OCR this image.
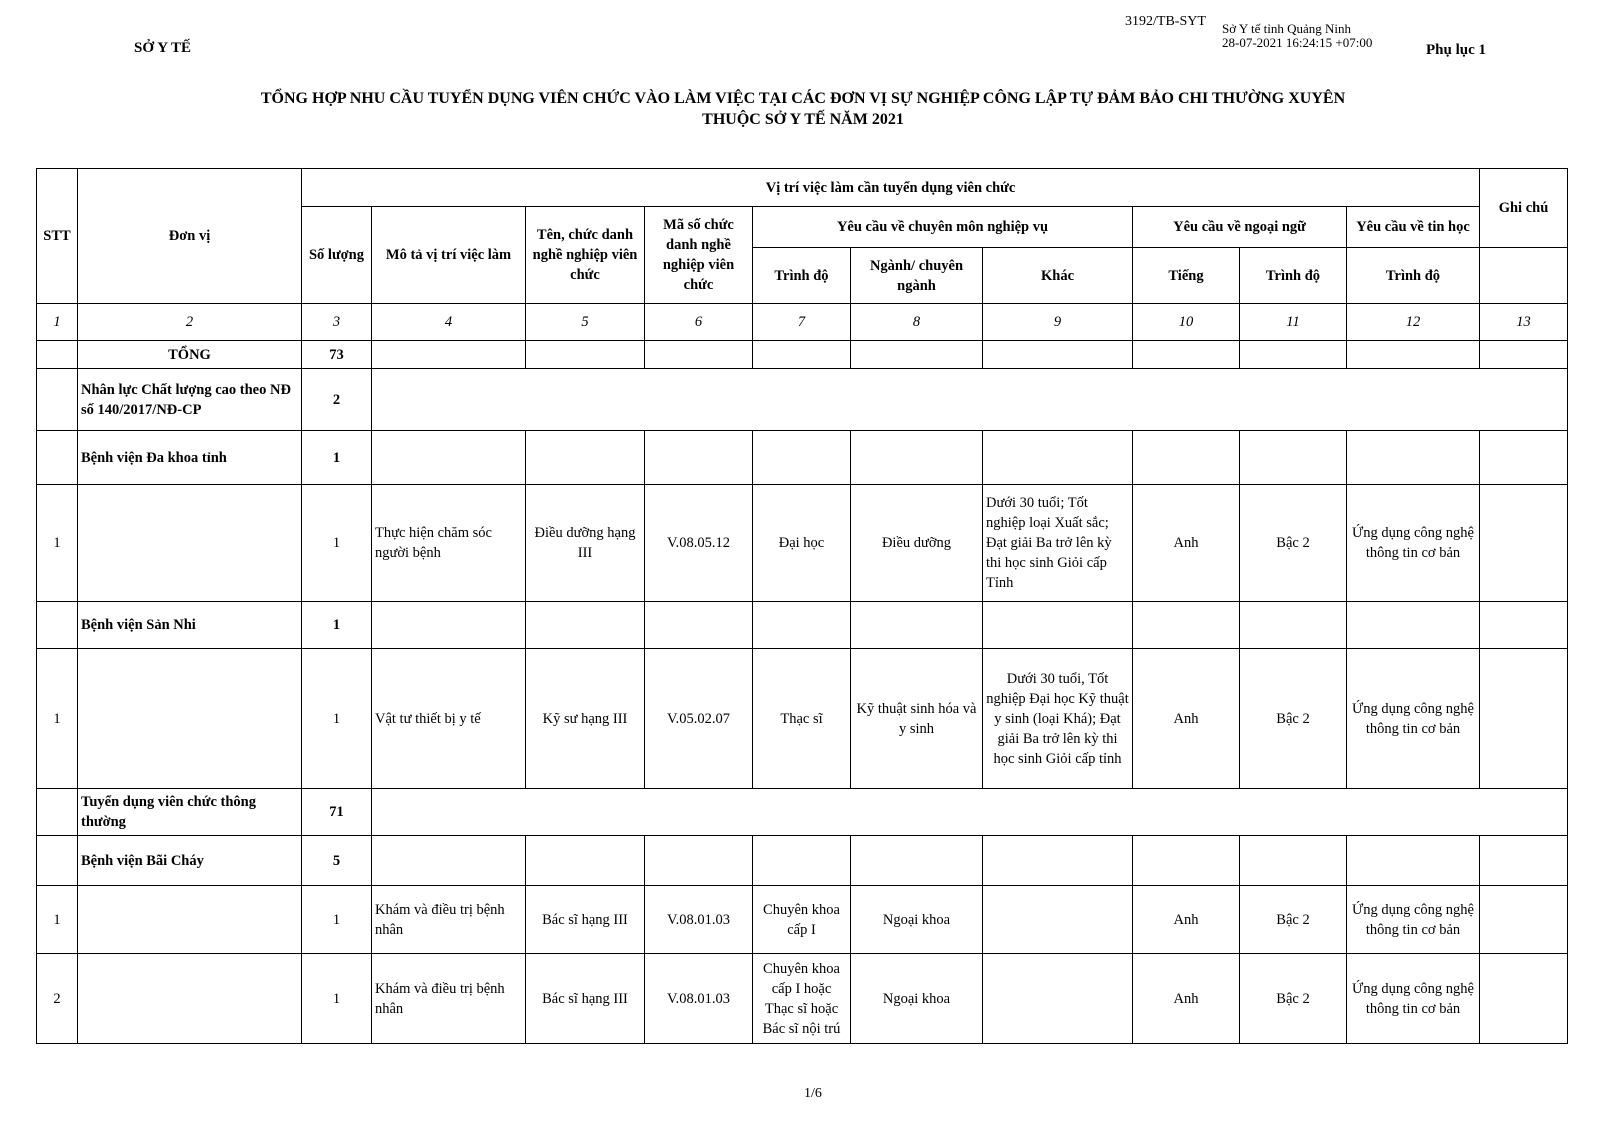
SỞ Y TẾ
3192/TB-SYT Sở Y tế tỉnh Quảng Ninh
28-07-2021 16:24:15 +07:00	Phụ lục 1
TỔNG HỢP NHU CẦU TUYỂN DỤNG VIÊN CHỨC VÀO LÀM VIỆC TẠI CÁC ĐƠN VỊ SỰ NGHIỆP CÔNG LẬP TỰ ĐẢM BẢO CHI THƯỜNG XUYÊN
THUỘC SỞ Y TẾ NĂM 2021
STT	Đơn vị	Vị trí việc làm cần tuyển dụng viên chức										Ghi chú
		Số lượng	Mô tả vị trí việc làm	Tên, chức danh nghề nghiệp viên chức	Mã số chức danh nghề nghiệp viên chức	Yêu cầu về chuyên môn nghiệp vụ			Yêu cầu về ngoại ngữ		Yêu cầu về tin học	
						Trình độ	Ngành/ chuyên ngành	Khác	Tiếng	Trình độ	Trình độ	
1	2	3	4	5	6	7	8	9	10	11	12	13
	TỔNG	73										
	Nhân lực Chất lượng cao theo NĐ số 140/2017/NĐ-CP	2										
	Bệnh viện Đa khoa tỉnh	1										
1		1	Thực hiện chăm sóc người bệnh	Điều dưỡng hạng III	V.08.05.12	Đại học	Điều dưỡng	Dưới 30 tuổi; Tốt nghiệp loại Xuất sắc; Đạt giải Ba trở lên kỳ thi học sinh Giỏi cấp Tỉnh	Anh	Bậc 2	Ứng dụng công nghệ thông tin cơ bản	
	Bệnh viện Sản Nhi	1										
1		1	Vật tư thiết bị y tế	Kỹ sư hạng III	V.05.02.07	Thạc sĩ	Kỹ thuật sinh hóa và y sinh	Dưới 30 tuổi, Tốt nghiệp Đại học Kỹ thuật y sinh (loại Khá); Đạt giải Ba trở lên kỳ thi học sinh Giỏi cấp tỉnh	Anh	Bậc 2	Ứng dụng công nghệ thông tin cơ bản	
	Tuyển dụng viên chức thông thường	71										
	Bệnh viện Bãi Cháy	5										
1		1	Khám và điều trị bệnh nhân	Bác sĩ hạng III	V.08.01.03	Chuyên khoa cấp I	Ngoại khoa		Anh	Bậc 2	Ứng dụng công nghệ thông tin cơ bản	
2		1	Khám và điều trị bệnh nhân	Bác sĩ hạng III	V.08.01.03	Chuyên khoa cấp I hoặc Thạc sĩ hoặc Bác sĩ nội trú	Ngoại khoa		Anh	Bậc 2	Ứng dụng công nghệ thông tin cơ bản	
1/6
